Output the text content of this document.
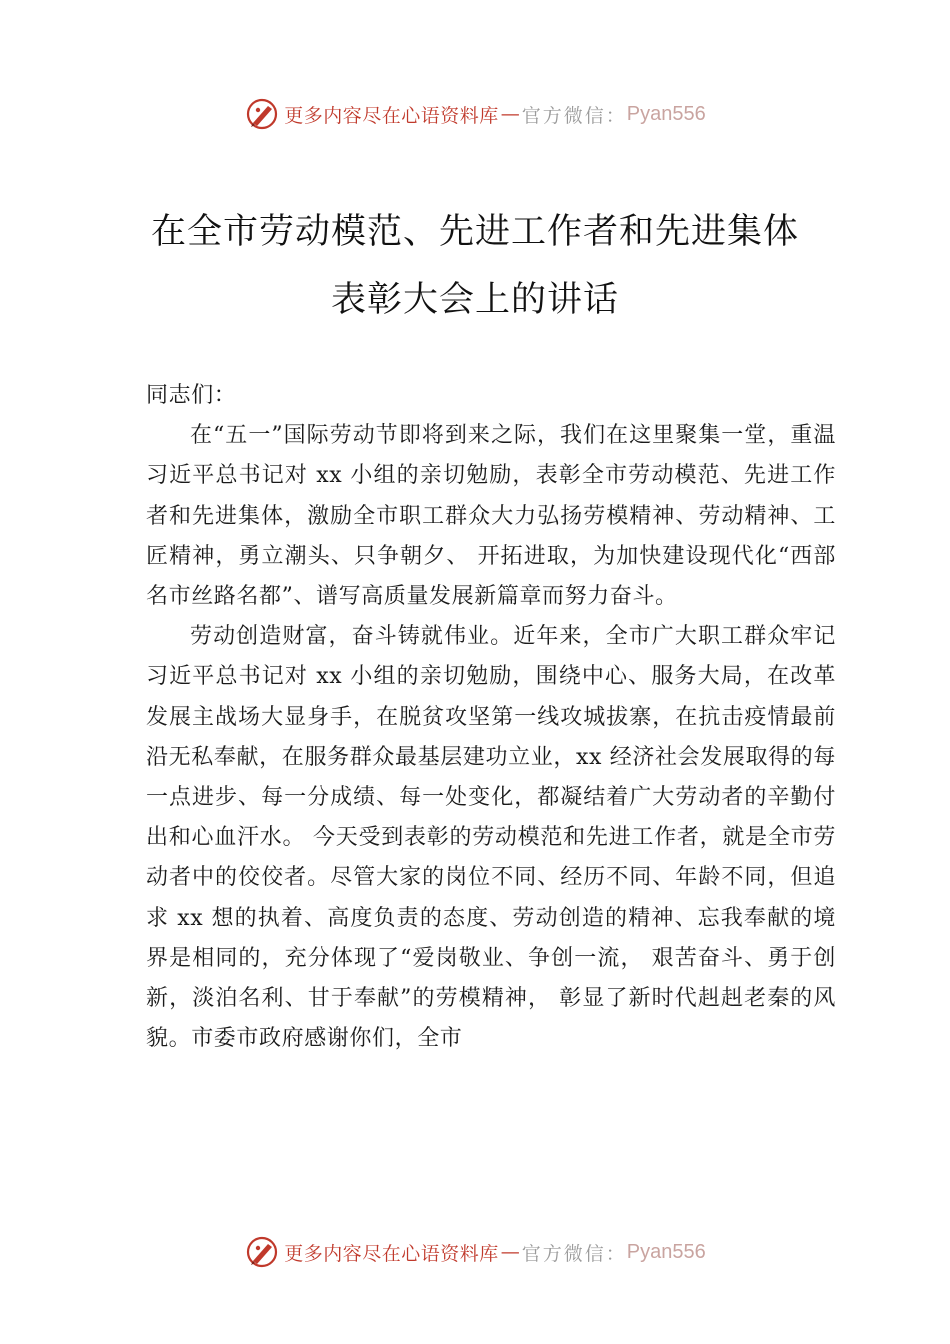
更多内容尽在心语资料库 — 官方微信： Pyan556
在全市劳动模范、先进工作者和先进集体
表彰大会上的讲话

同志们：

在“五一”国际劳动节即将到来之际，我们在这里聚集一堂，重温习近平总书记对 xx 小组的亲切勉励，表彰全市劳动模范、先进工作者和先进集体，激励全市职工群众大力弘扬劳模精神、劳动精神、工匠精神，勇立潮头、只争朝夕、 开拓进取，为加快建设现代化“西部名市丝路名都”、谱写高质量发展新篇章而努力奋斗。

劳动创造财富，奋斗铸就伟业。近年来，全市广大职工群众牢记习近平总书记对 xx 小组的亲切勉励，围绕中心、服务大局，在改革发展主战场大显身手，在脱贫攻坚第一线攻城拔寨，在抗击疫情最前沿无私奉献，在服务群众最基层建功立业，xx 经济社会发展取得的每一点进步、每一分成绩、每一处变化，都凝结着广大劳动者的辛勤付出和心血汗水。 今天受到表彰的劳动模范和先进工作者，就是全市劳动者中的佼佼者。尽管大家的岗位不同、经历不同、年龄不同，但追求 xx 想的执着、高度负责的态度、劳动创造的精神、忘我奉献的境界是相同的，充分体现了“爱岗敬业、争创一流， 艰苦奋斗、勇于创新，淡泊名利、甘于奉献”的劳模精神， 彰显了新时代赳赳老秦的风貌。市委市政府感谢你们，全市

更多内容尽在心语资料库 — 官方微信： Pyan556
